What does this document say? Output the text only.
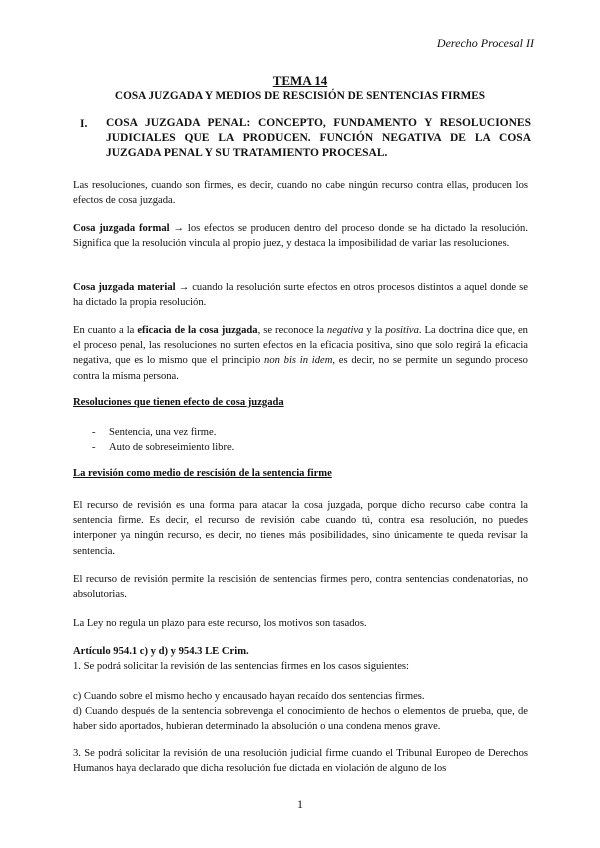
Derecho Procesal II
TEMA 14
COSA JUZGADA Y MEDIOS DE RESCISIÓN DE SENTENCIAS FIRMES
I. COSA JUZGADA PENAL: CONCEPTO, FUNDAMENTO Y RESOLUCIONES JUDICIALES QUE LA PRODUCEN. FUNCIÓN NEGATIVA DE LA COSA JUZGADA PENAL Y SU TRATAMIENTO PROCESAL.
Las resoluciones, cuando son firmes, es decir, cuando no cabe ningún recurso contra ellas, producen los efectos de cosa juzgada.
Cosa juzgada formal → los efectos se producen dentro del proceso donde se ha dictado la resolución. Significa que la resolución vincula al propio juez, y destaca la imposibilidad de variar las resoluciones.
Cosa juzgada material → cuando la resolución surte efectos en otros procesos distintos a aquel donde se ha dictado la propia resolución.
En cuanto a la eficacia de la cosa juzgada, se reconoce la negativa y la positiva. La doctrina dice que, en el proceso penal, las resoluciones no surten efectos en la eficacia positiva, sino que solo regirá la eficacia negativa, que es lo mismo que el principio non bis in idem, es decir, no se permite un segundo proceso contra la misma persona.
Resoluciones que tienen efecto de cosa juzgada
-	Sentencia, una vez firme.
-	Auto de sobreseimiento libre.
La revisión como medio de rescisión de la sentencia firme
El recurso de revisión es una forma para atacar la cosa juzgada, porque dicho recurso cabe contra la sentencia firme. Es decir, el recurso de revisión cabe cuando tú, contra esa resolución, no puedes interponer ya ningún recurso, es decir, no tienes más posibilidades, sino únicamente te queda revisar la sentencia.
El recurso de revisión permite la rescisión de sentencias firmes pero, contra sentencias condenatorias, no absolutorias.
La Ley no regula un plazo para este recurso, los motivos son tasados.
Artículo 954.1 c) y d) y 954.3 LE Crim.
1. Se podrá solicitar la revisión de las sentencias firmes en los casos siguientes:
c) Cuando sobre el mismo hecho y encausado hayan recaído dos sentencias firmes.
d) Cuando después de la sentencia sobrevenga el conocimiento de hechos o elementos de prueba, que, de haber sido aportados, hubieran determinado la absolución o una condena menos grave.
3. Se podrá solicitar la revisión de una resolución judicial firme cuando el Tribunal Europeo de Derechos Humanos haya declarado que dicha resolución fue dictada en violación de alguno de los
1
